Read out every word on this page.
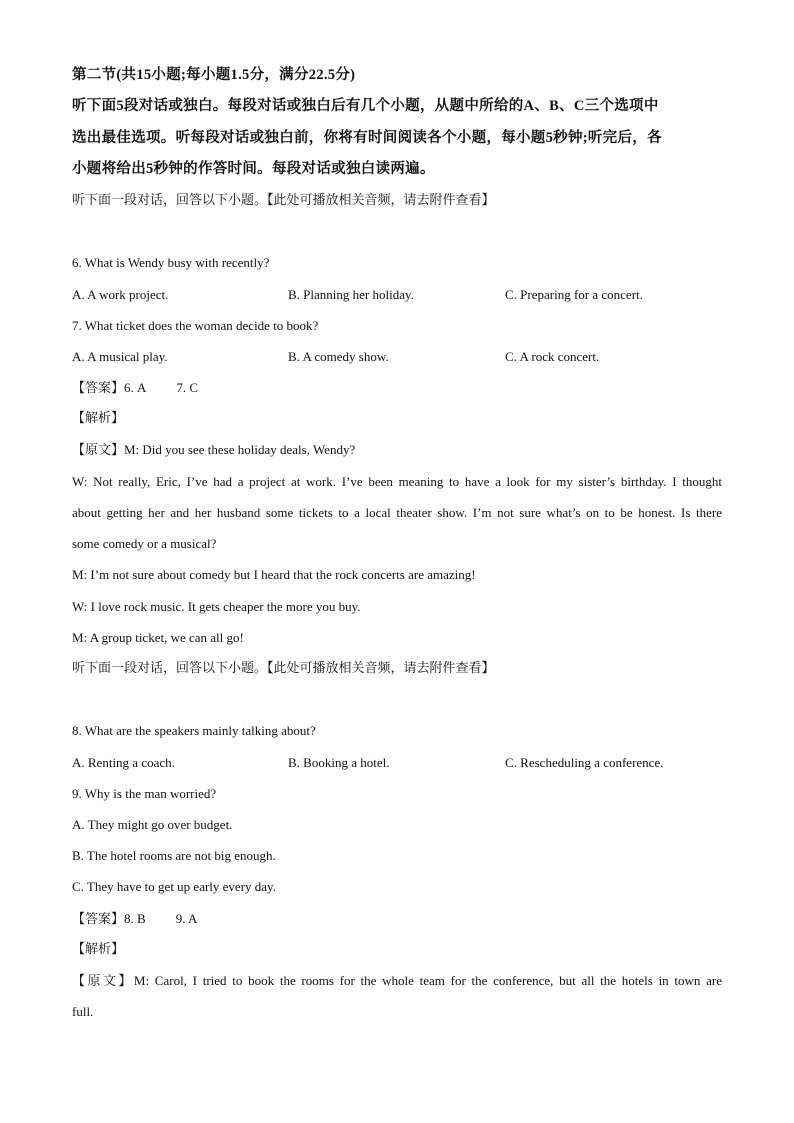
第二节(共15小题;每小题1.5分，满分22.5分)
听下面5段对话或独白。每段对话或独白后有几个小题，从题中所给的A、B、C三个选项中
选出最佳选项。听每段对话或独白前，你将有时间阅读各个小题，每小题5秒钟;听完后，各
小题将给出5秒钟的作答时间。每段对话或独白读两遍。
听下面一段对话，回答以下小题。【此处可播放相关音频，请去附件查看】
6. What is Wendy busy with recently?
A. A work project.	B. Planning her holiday.	C. Preparing for a concert.
7. What ticket does the woman decide to book?
A. A musical play.	B. A comedy show.	C. A rock concert.
【答案】6. A 7. C
【解析】
【原文】M: Did you see these holiday deals, Wendy?
W: Not really, Eric, I’ve had a project at work. I’ve been meaning to have a look for my sister’s birthday. I thought
about getting her and her husband some tickets to a local theater show. I’m not sure what’s on to be honest. Is there
some comedy or a musical?
M: I’m not sure about comedy but I heard that the rock concerts are amazing!
W: I love rock music. It gets cheaper the more you buy.
M: A group ticket, we can all go!
听下面一段对话，回答以下小题。【此处可播放相关音频，请去附件查看】
8. What are the speakers mainly talking about?
A. Renting a coach.	B. Booking a hotel.	C. Rescheduling a conference.
9. Why is the man worried?
A. They might go over budget.
B. The hotel rooms are not big enough.
C. They have to get up early every day.
【答案】8. B 9. A
【解析】
【原文】M: Carol, I tried to book the rooms for the whole team for the conference, but all the hotels in town are
full.
